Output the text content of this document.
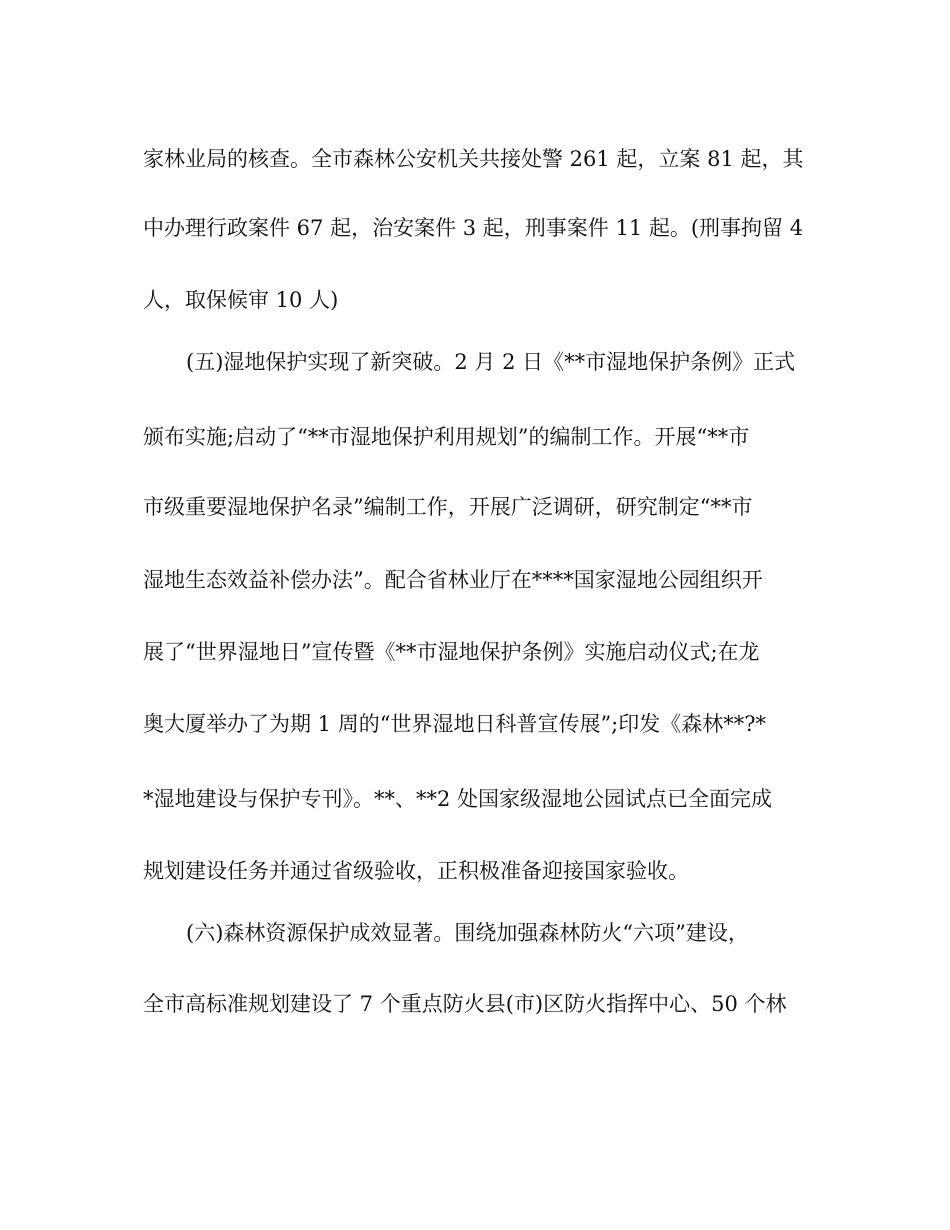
家林业局的核查。全市森林公安机关共接处警 261 起，立案 81 起，其
中办理行政案件 67 起，治安案件 3 起，刑事案件 11 起。(刑事拘留 4
人，取保候审 10 人)
(五)湿地保护实现了新突破。2 月 2 日《**市湿地保护条例》正式
颁布实施;启动了“**市湿地保护利用规划”的编制工作。开展“**市
市级重要湿地保护名录”编制工作，开展广泛调研，研究制定“**市
湿地生态效益补偿办法”。配合省林业厅在****国家湿地公园组织开
展了“世界湿地日”宣传暨《**市湿地保护条例》实施启动仪式;在龙
奥大厦举办了为期 1 周的“世界湿地日科普宣传展”;印发《森林**?*
*湿地建设与保护专刊》。**、**2 处国家级湿地公园试点已全面完成
规划建设任务并通过省级验收，正积极准备迎接国家验收。
(六)森林资源保护成效显著。围绕加强森林防火“六项”建设，
全市高标准规划建设了 7 个重点防火县(市)区防火指挥中心、50 个林
